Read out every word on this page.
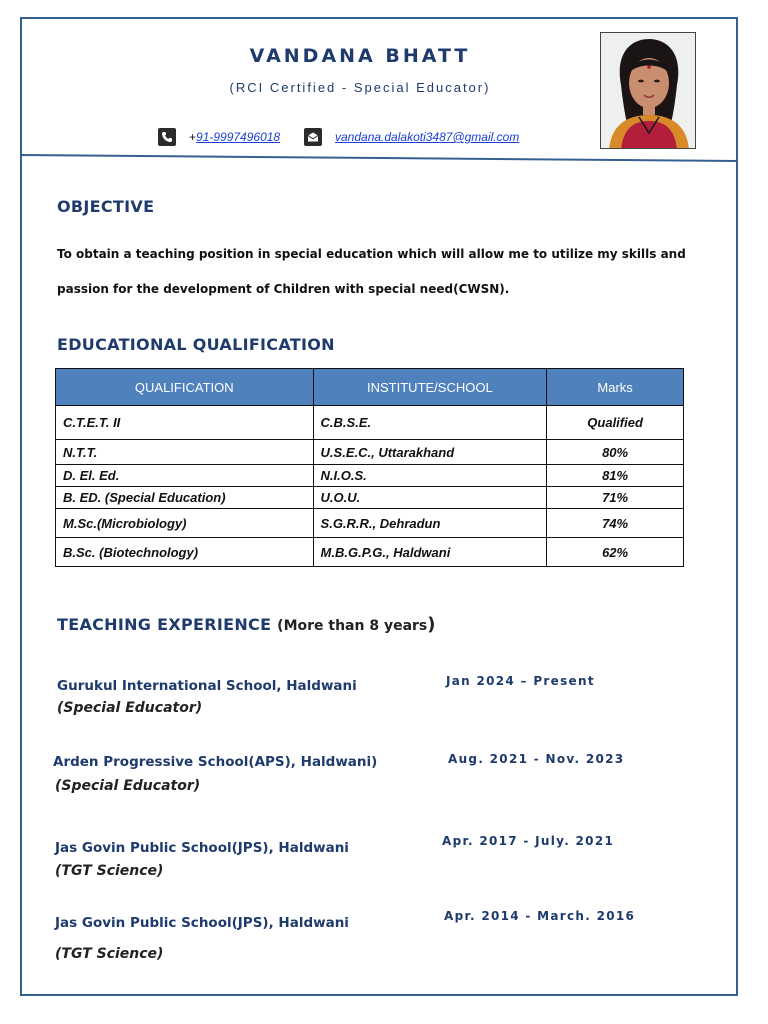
VANDANA BHATT
(RCI Certified - Special Educator)
+ 91-9997496018	vandana.dalakoti3487@gmail.com
OBJECTIVE
To obtain a teaching position in special education which will allow me to utilize my skills and
passion for the development of Children with special need(CWSN).
EDUCATIONAL QUALIFICATION
QUALIFICATION	INSTITUTE/SCHOOL	Marks
C.T.E.T. II	C.B.S.E.	Qualified
N.T.T.	U.S.E.C., Uttarakhand	80%
D. El. Ed.	N.I.O.S.	81%
B. ED. (Special Education)	U.O.U.	71%
M.Sc.(Microbiology)	S.G.R.R., Dehradun	74%
B.Sc. (Biotechnology)	M.B.G.P.G., Haldwani	62%
TEACHING EXPERIENCE (More than 8 years)
Gurukul International School, Haldwani
(Special Educator)
Jan 2024 – Present
Arden Progressive School(APS), Haldwani)
(Special Educator)
Aug. 2021 - Nov. 2023
Jas Govin Public School(JPS), Haldwani
(TGT Science)
Apr. 2017 - July. 2021
Jas Govin Public School(JPS), Haldwani
(TGT Science)
Apr. 2014 - March. 2016
